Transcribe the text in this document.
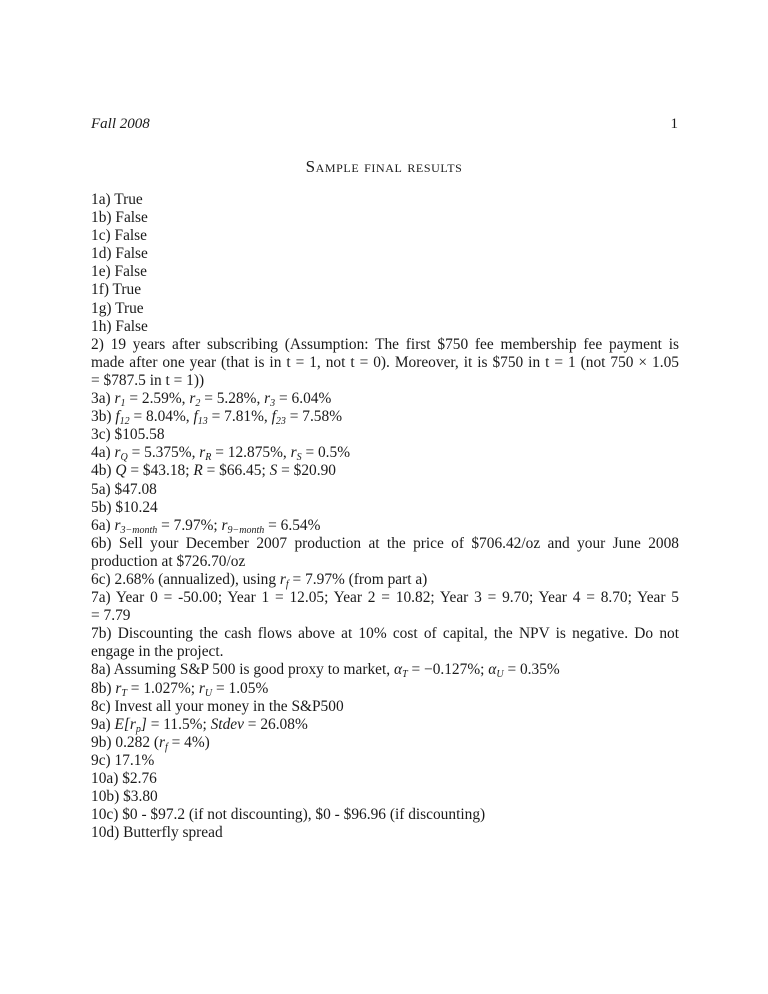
Fall 2008	1
Sample final results
1a) True
1b) False
1c) False
1d) False
1e) False
1f) True
1g) True
1h) False
2) 19 years after subscribing (Assumption: The first $750 fee membership fee payment is
made after one year (that is in t = 1, not t = 0). Moreover, it is $750 in t = 1 (not 750 × 1.05
= $787.5 in t = 1))
3a) $r_1 = 2.59\%$, $r_2 = 5.28\%$, $r_3 = 6.04\%$
3b) $f_{12} = 8.04\%$, $f_{13} = 7.81\%$, $f_{23} = 7.58\%$
3c) $105.58
4a) $r_Q = 5.375\%$, $r_R = 12.875\%$, $r_S = 0.5\%$
4b) Q = $43.18; R = $66.45; S = $20.90
5a) $47.08
5b) $10.24
6a) $r_{3-month} = 7.97\%$; $r_{9-month} = 6.54\%$
6b) Sell your December 2007 production at the price of $706.42/oz and your June 2008
production at $726.70/oz
6c) 2.68% (annualized), using $r_f = 7.97\%$ (from part a)
7a) Year 0 = -50.00; Year 1 = 12.05; Year 2 = 10.82; Year 3 = 9.70; Year 4 = 8.70; Year 5
= 7.79
7b) Discounting the cash flows above at 10% cost of capital, the NPV is negative. Do not
engage in the project.
8a) Assuming S&P 500 is good proxy to market, $\alpha_T = -0.127\%$; $\alpha_U = 0.35\%$
8b) $r_T = 1.027\%$; $r_U = 1.05\%$
8c) Invest all your money in the S&P500
9a) $E[r_p] = 11.5\%$; Stdev = 26.08%
9b) 0.282 $(r_f = 4\%)$
9c) 17.1%
10a) $2.76
10b) $3.80
10c) $0 - $97.2 (if not discounting), $0 - $96.96 (if discounting)
10d) Butterfly spread
